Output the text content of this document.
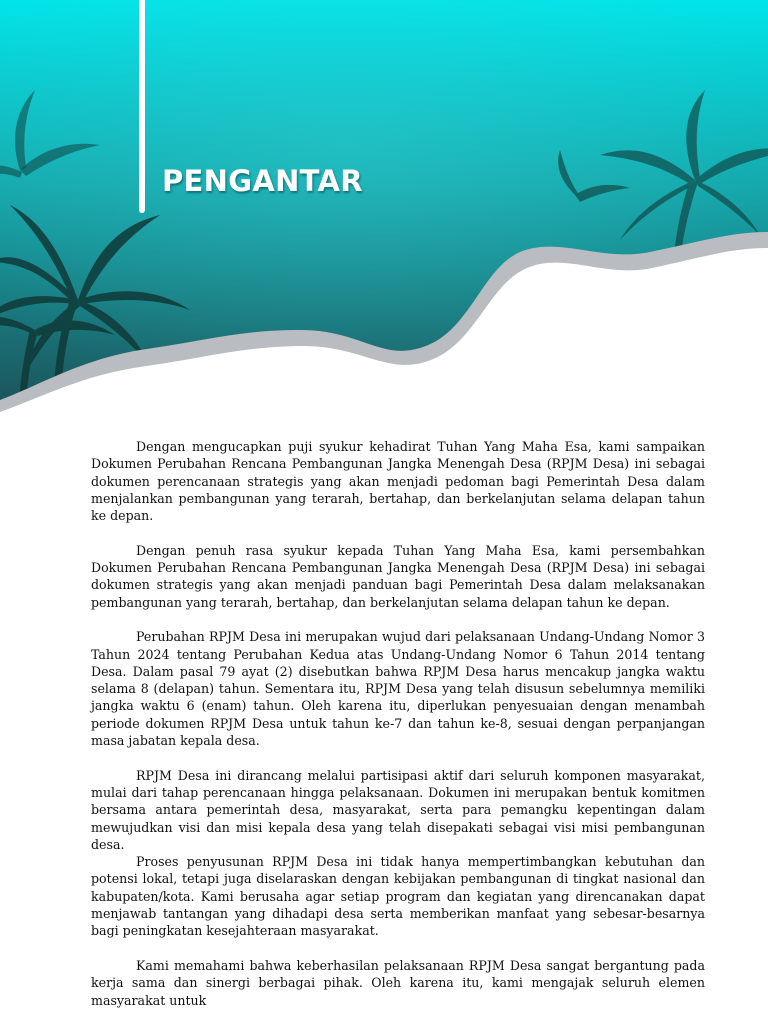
PENGANTAR

Dengan mengucapkan puji syukur kehadirat Tuhan Yang Maha Esa, kami sampaikan Dokumen Perubahan Rencana Pembangunan Jangka Menengah Desa (RPJM Desa) ini sebagai dokumen perencanaan strategis yang akan menjadi pedoman bagi Pemerintah Desa dalam menjalankan pembangunan yang terarah, bertahap, dan berkelanjutan selama delapan tahun ke depan.

Dengan penuh rasa syukur kepada Tuhan Yang Maha Esa, kami persembahkan Dokumen Perubahan Rencana Pembangunan Jangka Menengah Desa (RPJM Desa) ini sebagai dokumen strategis yang akan menjadi panduan bagi Pemerintah Desa dalam melaksanakan pembangunan yang terarah, bertahap, dan berkelanjutan selama delapan tahun ke depan.

Perubahan RPJM Desa ini merupakan wujud dari pelaksanaan Undang-Undang Nomor 3 Tahun 2024 tentang Perubahan Kedua atas Undang-Undang Nomor 6 Tahun 2014 tentang Desa. Dalam pasal 79 ayat (2) disebutkan bahwa RPJM Desa harus mencakup jangka waktu selama 8 (delapan) tahun. Sementara itu, RPJM Desa yang telah disusun sebelumnya memiliki jangka waktu 6 (enam) tahun. Oleh karena itu, diperlukan penyesuaian dengan menambah periode dokumen RPJM Desa untuk tahun ke-7 dan tahun ke-8, sesuai dengan perpanjangan masa jabatan kepala desa.

RPJM Desa ini dirancang melalui partisipasi aktif dari seluruh komponen masyarakat, mulai dari tahap perencanaan hingga pelaksanaan. Dokumen ini merupakan bentuk komitmen bersama antara pemerintah desa, masyarakat, serta para pemangku kepentingan dalam mewujudkan visi dan misi kepala desa yang telah disepakati sebagai visi misi pembangunan desa.

Proses penyusunan RPJM Desa ini tidak hanya mempertimbangkan kebutuhan dan potensi lokal, tetapi juga diselaraskan dengan kebijakan pembangunan di tingkat nasional dan kabupaten/kota. Kami berusaha agar setiap program dan kegiatan yang direncanakan dapat menjawab tantangan yang dihadapi desa serta memberikan manfaat yang sebesar-besarnya bagi peningkatan kesejahteraan masyarakat.

Kami memahami bahwa keberhasilan pelaksanaan RPJM Desa sangat bergantung pada kerja sama dan sinergi berbagai pihak. Oleh karena itu, kami mengajak seluruh elemen masyarakat untuk
